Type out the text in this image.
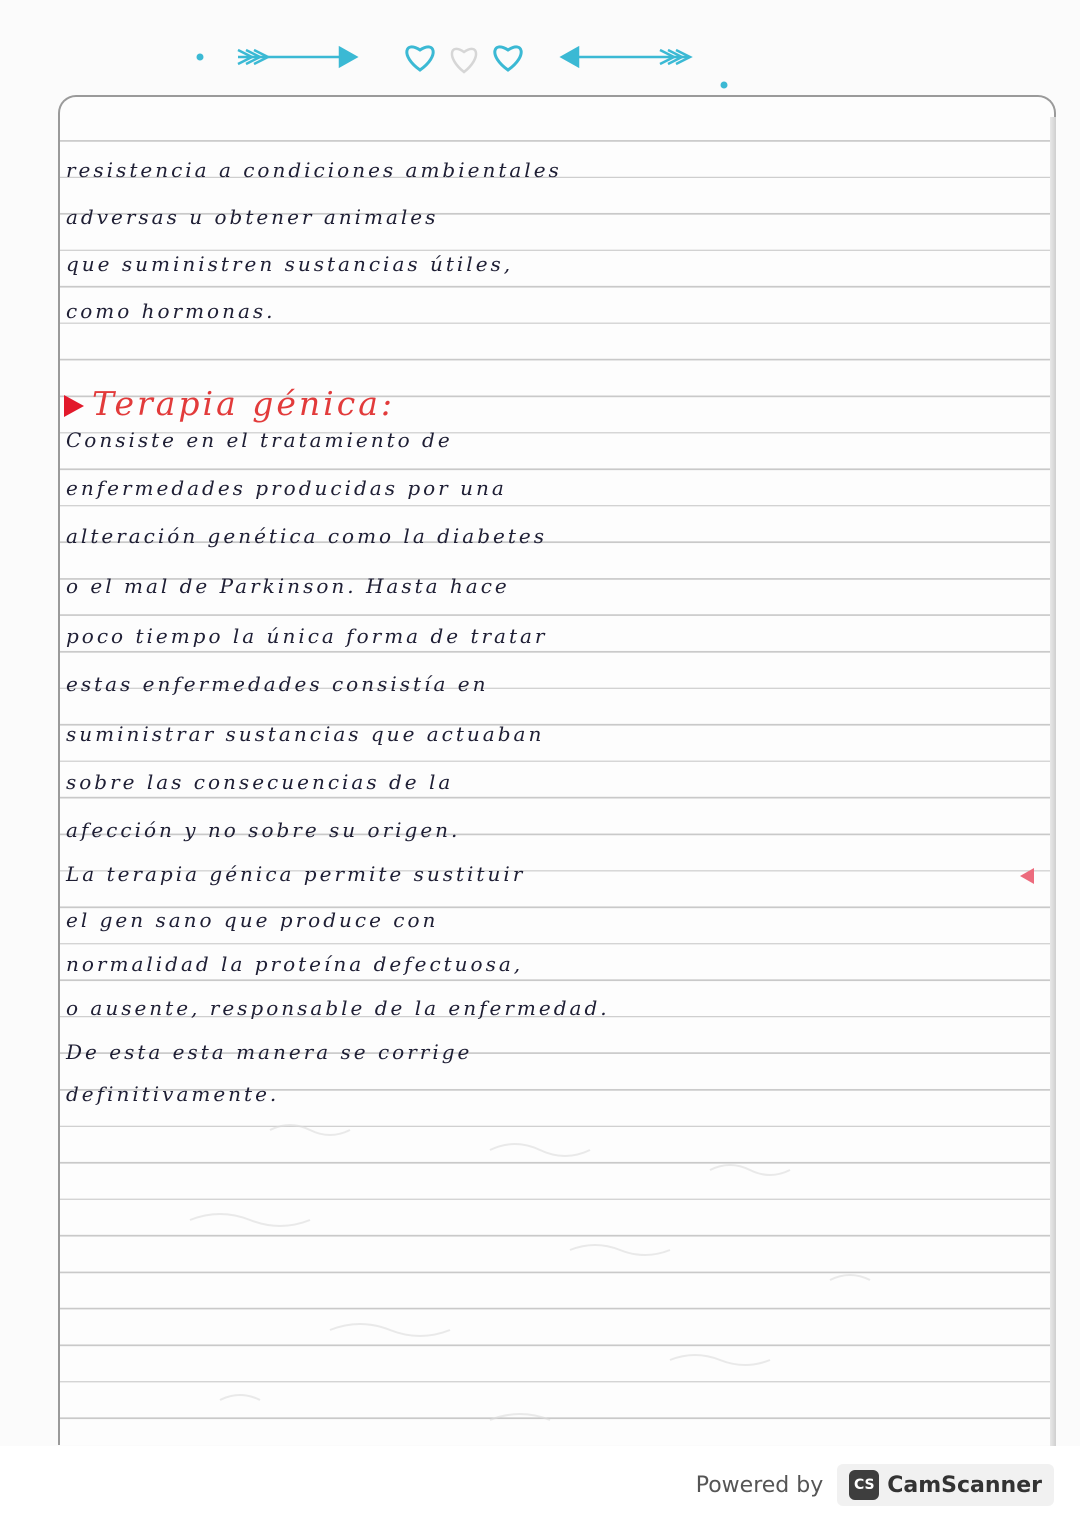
resistencia a condiciones ambientales
adversas u obtener animales
que suministren sustancias útiles,
como hormonas.
Terapia génica:
Consiste en el tratamiento de
enfermedades producidas por una
alteración genética como la diabetes
o el mal de Parkinson. Hasta hace
poco tiempo la única forma de tratar
estas enfermedades consistía en
suministrar sustancias que actuaban
sobre las consecuencias de la
afección y no sobre su origen.
La terapia génica permite sustituir
el gen sano que produce con
normalidad la proteína defectuosa,
o ausente, responsable de la enfermedad.
De esta esta manera se corrige
definitivamente.
Powered by	CS CamScanner
